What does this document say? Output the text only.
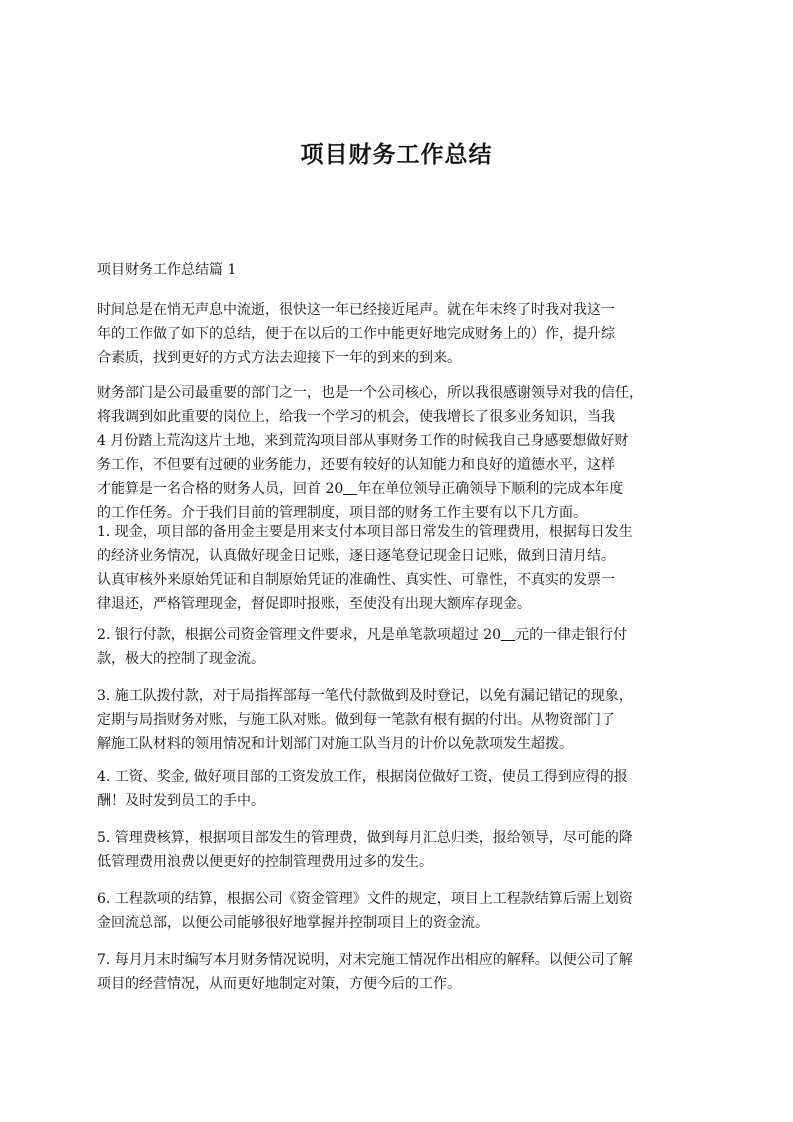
项目财务工作总结
项目财务工作总结篇 1
时间总是在悄无声息中流逝，很快这一年已经接近尾声。就在年末终了时我对我这一
年的工作做了如下的总结，便于在以后的工作中能更好地完成财务上的）作，提升综
合素质，找到更好的方式方法去迎接下一年的到来的到来。
财务部门是公司最重要的部门之一，也是一个公司核心，所以我很感谢领导对我的信任，
将我调到如此重要的岗位上，给我一个学习的机会，使我增长了很多业务知识，当我
4 月份踏上荒沟这片土地，来到荒沟项目部从事财务工作的时候我自己身感要想做好财
务工作，不但要有过硬的业务能力，还要有较好的认知能力和良好的道德水平，这样
才能算是一名合格的财务人员，回首 20 年在单位领导正确领导下顺利的完成本年度
的工作任务。介于我们目前的管理制度，项目部的财务工作主要有以下几方面。
1. 现金，项目部的备用金主要是用来支付本项目部日常发生的管理费用，根据每日发生
的经济业务情况，认真做好现金日记账，逐日逐笔登记现金日记账，做到日清月结。
认真审核外来原始凭证和自制原始凭证的准确性、真实性、可靠性，不真实的发票一
律退还，严格管理现金，督促即时报账，至使没有出现大额库存现金。
2. 银行付款，根据公司资金管理文件要求，凡是单笔款项超过 20 元的一律走银行付
款，极大的控制了现金流。
3. 施工队拨付款，对于局指挥部每一笔代付款做到及时登记，以免有漏记错记的现象，
定期与局指财务对账，与施工队对账。做到每一笔款有根有据的付出。从物资部门了
解施工队材料的领用情况和计划部门对施工队当月的计价以免款项发生超拨。
4. 工资、奖金, 做好项目部的工资发放工作，根据岗位做好工资，使员工得到应得的报
酬！及时发到员工的手中。
5. 管理费核算，根据项目部发生的管理费，做到每月汇总归类，报给领导，尽可能的降
低管理费用浪费以便更好的控制管理费用过多的发生。
6. 工程款项的结算，根据公司《资金管理》文件的规定，项目上工程款结算后需上划资
金回流总部，以便公司能够很好地掌握并控制项目上的资金流。
7. 每月月末时编写本月财务情况说明，对未完施工情况作出相应的解释。以便公司了解
项目的经营情况，从而更好地制定对策，方便今后的工作。
